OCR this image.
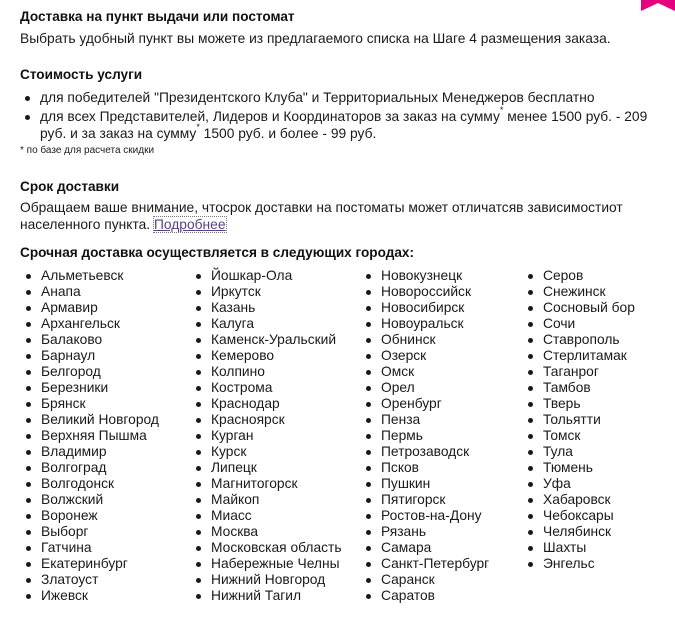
Доставка на пункт выдачи или постомат

Выбрать удобный пункт вы можете из предлагаемого списка на Шаге 4 размещения заказа.

Стоимость услуги
для победителей "Президентского Клуба" и Территориальных Менеджеров бесплатно
для всех Представителей, Лидеров и Координаторов за заказ на сумму* менее 1500 руб. - 209 руб. и за заказ на сумму* 1500 руб. и более - 99 руб.
* по базе для расчета скидки
Срок доставки

Обращаем ваше внимание, чтосрок доставки на постоматы может отличатсяв зависимостиот населенного пункта. Подробнее

Срочная доставка осуществляется в следующих городах:
Альметьевск
Анапа
Армавир
Архангельск
Балаково
Барнаул
Белгород
Березники
Брянск
Великий Новгород
Верхняя Пышма
Владимир
Волгоград
Волгодонск
Волжский
Воронеж
Выборг
Гатчина
Екатеринбург
Златоуст
Ижевск
Йошкар-Ола
Иркутск
Казань
Калуга
Каменск-Уральский
Кемерово
Колпино
Кострома
Краснодар
Красноярск
Курган
Курск
Липецк
Магнитогорск
Майкоп
Миасс
Москва
Московская область
Набережные Челны
Нижний Новгород
Нижний Тагил
Новокузнецк
Новороссийск
Новосибирск
Новоуральск
Обнинск
Озерск
Омск
Орел
Оренбург
Пенза
Пермь
Петрозаводск
Псков
Пушкин
Пятигорск
Ростов-на-Дону
Рязань
Самара
Санкт-Петербург
Саранск
Саратов
Серов
Снежинск
Сосновый бор
Сочи
Ставрополь
Стерлитамак
Таганрог
Тамбов
Тверь
Тольятти
Томск
Тула
Тюмень
Уфа
Хабаровск
Чебоксары
Челябинск
Шахты
Энгельс
